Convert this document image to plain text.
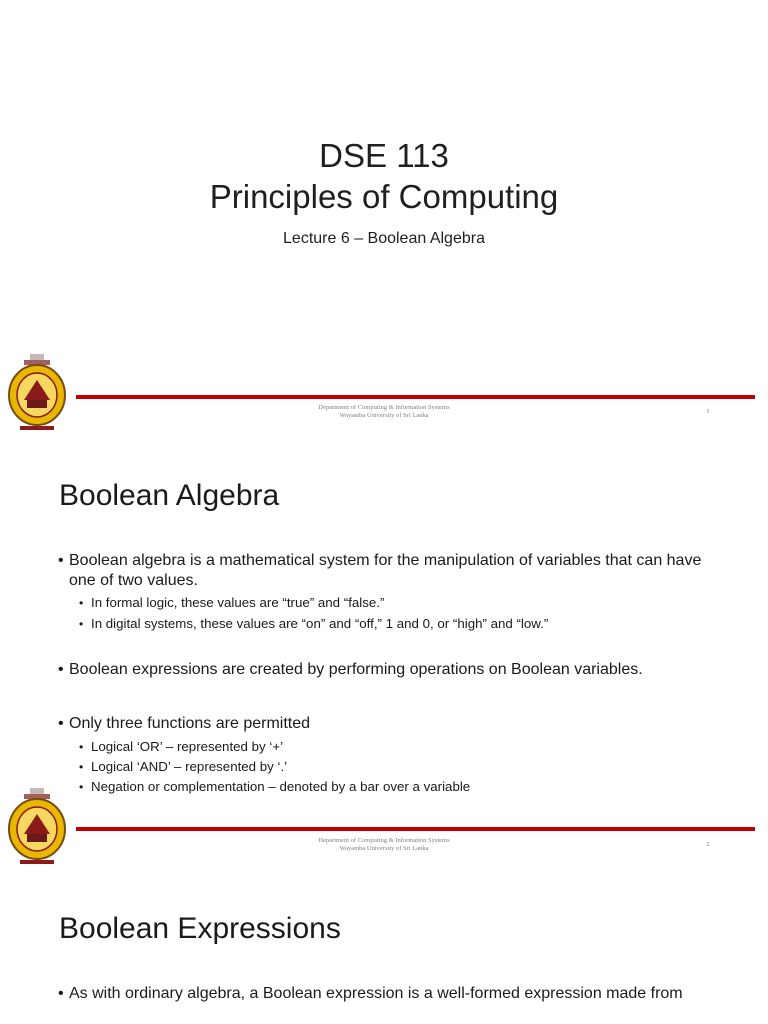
DSE 113
Principles of Computing
Lecture 6 – Boolean Algebra
Department of Computing & Information Systems
Wayamba University of Sri Lanka
1
Boolean Algebra
• Boolean algebra is a mathematical system for the manipulation of variables that can have one of two values.
• In formal logic, these values are “true” and “false.”
• In digital systems, these values are “on” and “off,” 1 and 0, or “high” and “low.”
• Boolean expressions are created by performing operations on Boolean variables.
• Only three functions are permitted
• Logical ‘OR’ – represented by ‘+’
• Logical ‘AND’ – represented by ‘.’
• Negation or complementation – denoted by a bar over a variable
Department of Computing & Information Systems
Wayamba University of Sri Lanka
2
Boolean Expressions
• As with ordinary algebra, a Boolean expression is a well-formed expression made from
